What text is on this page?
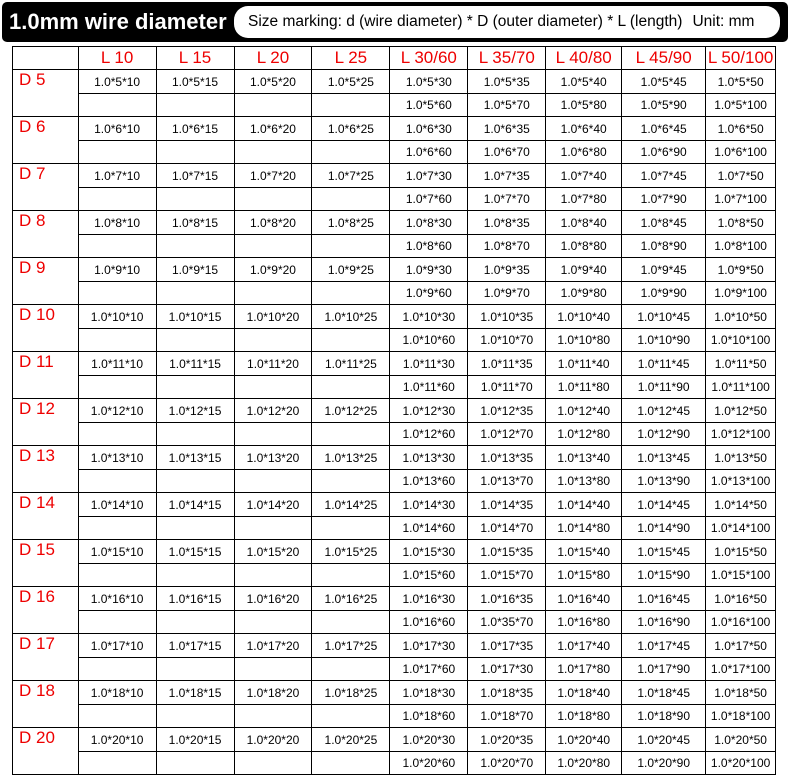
1.0mm wire diameter Size marking: d (wire diameter) * D (outer diameter) * L (length) Unit: mm
	L 10	L 15	L 20	L 25	L 30/60	L 35/70	L 40/80	L 45/90	L 50/100
D 5	1.0*5*10	1.0*5*15	1.0*5*20	1.0*5*25	1.0*5*30	1.0*5*35	1.0*5*40	1.0*5*45	1.0*5*50
					1.0*5*60	1.0*5*70	1.0*5*80	1.0*5*90	1.0*5*100
D 6	1.0*6*10	1.0*6*15	1.0*6*20	1.0*6*25	1.0*6*30	1.0*6*35	1.0*6*40	1.0*6*45	1.0*6*50
					1.0*6*60	1.0*6*70	1.0*6*80	1.0*6*90	1.0*6*100
D 7	1.0*7*10	1.0*7*15	1.0*7*20	1.0*7*25	1.0*7*30	1.0*7*35	1.0*7*40	1.0*7*45	1.0*7*50
					1.0*7*60	1.0*7*70	1.0*7*80	1.0*7*90	1.0*7*100
D 8	1.0*8*10	1.0*8*15	1.0*8*20	1.0*8*25	1.0*8*30	1.0*8*35	1.0*8*40	1.0*8*45	1.0*8*50
					1.0*8*60	1.0*8*70	1.0*8*80	1.0*8*90	1.0*8*100
D 9	1.0*9*10	1.0*9*15	1.0*9*20	1.0*9*25	1.0*9*30	1.0*9*35	1.0*9*40	1.0*9*45	1.0*9*50
					1.0*9*60	1.0*9*70	1.0*9*80	1.0*9*90	1.0*9*100
D 10	1.0*10*10	1.0*10*15	1.0*10*20	1.0*10*25	1.0*10*30	1.0*10*35	1.0*10*40	1.0*10*45	1.0*10*50
					1.0*10*60	1.0*10*70	1.0*10*80	1.0*10*90	1.0*10*100
D 11	1.0*11*10	1.0*11*15	1.0*11*20	1.0*11*25	1.0*11*30	1.0*11*35	1.0*11*40	1.0*11*45	1.0*11*50
					1.0*11*60	1.0*11*70	1.0*11*80	1.0*11*90	1.0*11*100
D 12	1.0*12*10	1.0*12*15	1.0*12*20	1.0*12*25	1.0*12*30	1.0*12*35	1.0*12*40	1.0*12*45	1.0*12*50
					1.0*12*60	1.0*12*70	1.0*12*80	1.0*12*90	1.0*12*100
D 13	1.0*13*10	1.0*13*15	1.0*13*20	1.0*13*25	1.0*13*30	1.0*13*35	1.0*13*40	1.0*13*45	1.0*13*50
					1.0*13*60	1.0*13*70	1.0*13*80	1.0*13*90	1.0*13*100
D 14	1.0*14*10	1.0*14*15	1.0*14*20	1.0*14*25	1.0*14*30	1.0*14*35	1.0*14*40	1.0*14*45	1.0*14*50
					1.0*14*60	1.0*14*70	1.0*14*80	1.0*14*90	1.0*14*100
D 15	1.0*15*10	1.0*15*15	1.0*15*20	1.0*15*25	1.0*15*30	1.0*15*35	1.0*15*40	1.0*15*45	1.0*15*50
					1.0*15*60	1.0*15*70	1.0*15*80	1.0*15*90	1.0*15*100
D 16	1.0*16*10	1.0*16*15	1.0*16*20	1.0*16*25	1.0*16*30	1.0*16*35	1.0*16*40	1.0*16*45	1.0*16*50
					1.0*16*60	1.0*35*70	1.0*16*80	1.0*16*90	1.0*16*100
D 17	1.0*17*10	1.0*17*15	1.0*17*20	1.0*17*25	1.0*17*30	1.0*17*35	1.0*17*40	1.0*17*45	1.0*17*50
					1.0*17*60	1.0*17*30	1.0*17*80	1.0*17*90	1.0*17*100
D 18	1.0*18*10	1.0*18*15	1.0*18*20	1.0*18*25	1.0*18*30	1.0*18*35	1.0*18*40	1.0*18*45	1.0*18*50
					1.0*18*60	1.0*18*70	1.0*18*80	1.0*18*90	1.0*18*100
D 20	1.0*20*10	1.0*20*15	1.0*20*20	1.0*20*25	1.0*20*30	1.0*20*35	1.0*20*40	1.0*20*45	1.0*20*50
					1.0*20*60	1.0*20*70	1.0*20*80	1.0*20*90	1.0*20*100
